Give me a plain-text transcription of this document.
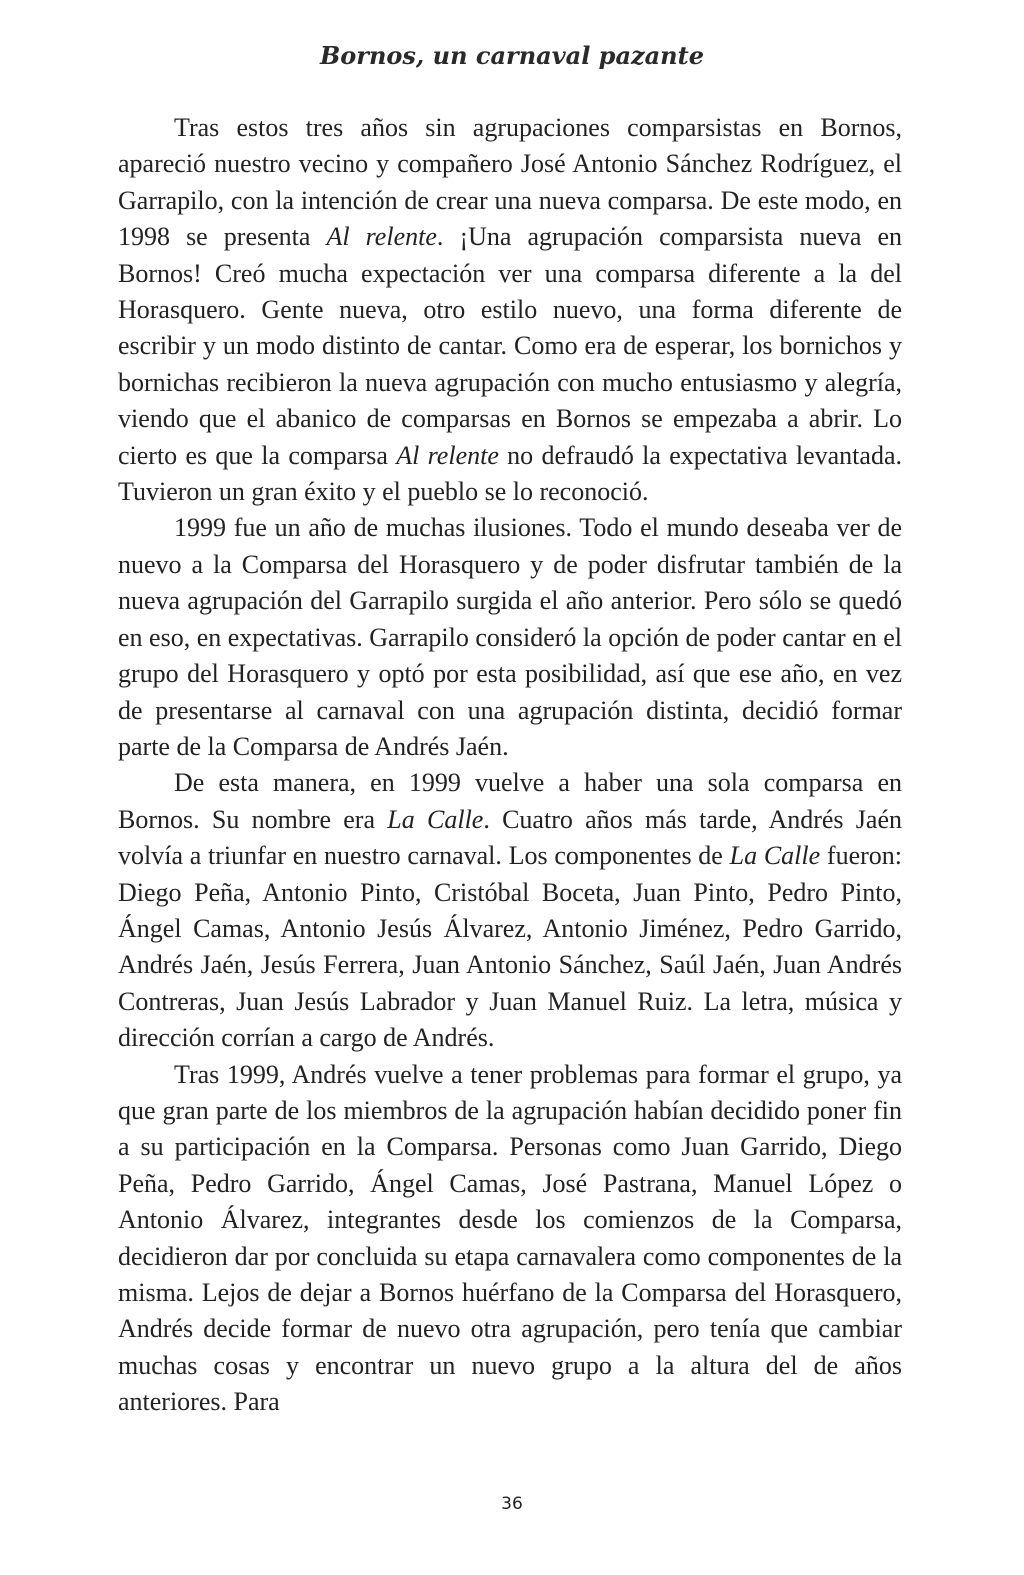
Bornos, un carnaval pazante

Tras estos tres años sin agrupaciones comparsistas en Bornos, apareció nuestro vecino y compañero José Antonio Sánchez Rodríguez, el Garrapilo, con la intención de crear una nueva comparsa. De este modo, en 1998 se presenta Al relente. ¡Una agrupación comparsista nueva en Bornos! Creó mucha expectación ver una comparsa diferente a la del Horasquero. Gente nueva, otro estilo nuevo, una forma diferente de escribir y un modo distinto de cantar. Como era de esperar, los bornichos y bornichas recibieron la nueva agrupación con mucho entusiasmo y alegría, viendo que el abanico de comparsas en Bornos se empezaba a abrir. Lo cierto es que la comparsa Al relente no defraudó la expectativa levantada. Tuvieron un gran éxito y el pueblo se lo reconoció.

1999 fue un año de muchas ilusiones. Todo el mundo deseaba ver de nuevo a la Comparsa del Horasquero y de poder disfrutar también de la nueva agrupación del Garrapilo surgida el año anterior. Pero sólo se quedó en eso, en expectativas. Garrapilo consideró la opción de poder cantar en el grupo del Horasquero y optó por esta posibilidad, así que ese año, en vez de presentarse al carnaval con una agrupación distinta, decidió formar parte de la Comparsa de Andrés Jaén.

De esta manera, en 1999 vuelve a haber una sola comparsa en Bornos. Su nombre era La Calle. Cuatro años más tarde, Andrés Jaén volvía a triunfar en nuestro carnaval. Los componentes de La Calle fueron: Diego Peña, Antonio Pinto, Cristóbal Boceta, Juan Pinto, Pedro Pinto, Ángel Camas, Antonio Jesús Álvarez, Antonio Jiménez, Pedro Garrido, Andrés Jaén, Jesús Ferrera, Juan Antonio Sánchez, Saúl Jaén, Juan Andrés Contreras, Juan Jesús Labrador y Juan Manuel Ruiz. La letra, música y dirección corrían a cargo de Andrés.

Tras 1999, Andrés vuelve a tener problemas para formar el grupo, ya que gran parte de los miembros de la agrupación habían decidido poner fin a su participación en la Comparsa. Personas como Juan Garrido, Diego Peña, Pedro Garrido, Ángel Camas, José Pastrana, Manuel López o Antonio Álvarez, integrantes desde los comienzos de la Comparsa, decidieron dar por concluida su etapa carnavalera como componentes de la misma. Lejos de dejar a Bornos huérfano de la Comparsa del Horasquero, Andrés decide formar de nuevo otra agrupación, pero tenía que cambiar muchas cosas y encontrar un nuevo grupo a la altura del de años anteriores. Para

36
